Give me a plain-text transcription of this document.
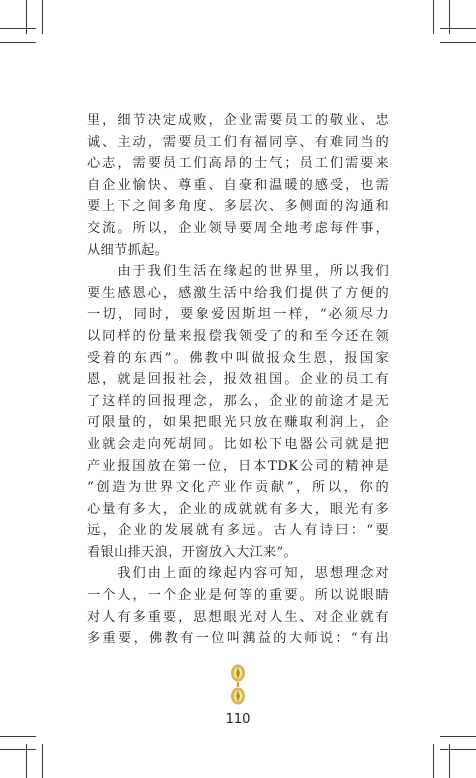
里，细节决定成败，企业需要员工的敬业、忠
诚、主动，需要员工们有福同享、有难同当的
心志，需要员工们高昂的士气；员工们需要来
自企业愉快、尊重、自豪和温暖的感受，也需
要上下之间多角度、多层次、多侧面的沟通和
交流。所以，企业领导要周全地考虑每件事，
从细节抓起。
　　由于我们生活在缘起的世界里，所以我们
要生感恩心，感激生活中给我们提供了方便的
一切，同时，要象爱因斯坦一样，“必须尽力
以同样的份量来报偿我领受了的和至今还在领
受着的东西”。佛教中叫做报众生恩，报国家
恩，就是回报社会，报效祖国。企业的员工有
了这样的回报理念，那么，企业的前途才是无
可限量的，如果把眼光只放在赚取利润上，企
业就会走向死胡同。比如松下电器公司就是把
产业报国放在第一位，日本TDK公司的精神是
“创造为世界文化产业作贡献”，所以，你的
心量有多大，企业的成就就有多大，眼光有多
远，企业的发展就有多远。古人有诗曰：“要
看银山排天浪，开窗放入大江来”。
　　我们由上面的缘起内容可知，思想理念对
一个人，一个企业是何等的重要。所以说眼睛
对人有多重要，思想眼光对人生、对企业就有
多重要，佛教有一位叫蕅益的大师说：“有出
110
